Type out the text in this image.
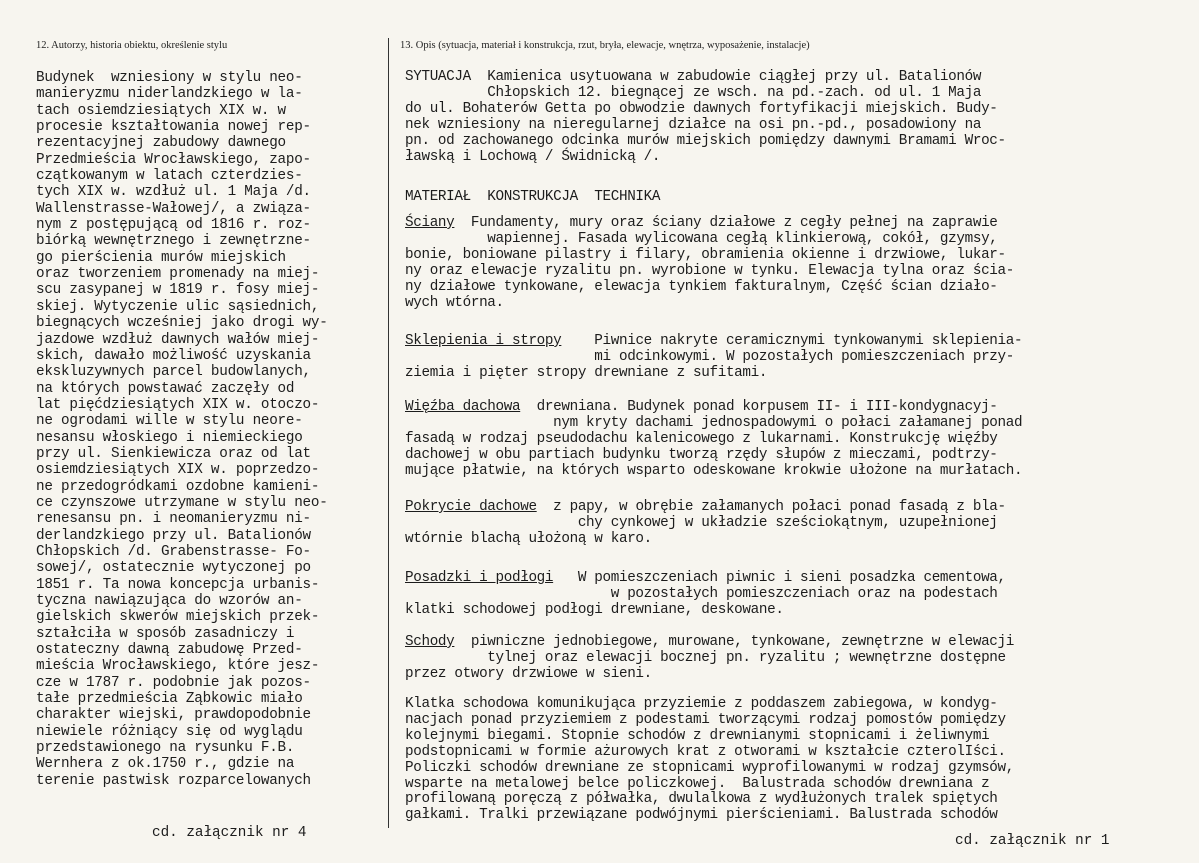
12. Autorzy, historia obiektu, określenie stylu	13. Opis (sytuacja, materiał i konstrukcja, rzut, bryła, elewacje, wnętrza, wyposażenie, instalacje)
Budynek  wzniesiony w stylu neo-
manieryzmu niderlandzkiego w la-
tach osiemdziesiątych XIX w. w
procesie kształtowania nowej rep-
rezentacyjnej zabudowy dawnego
Przedmieścia Wrocławskiego, zapo-
czątkowanym w latach czterdzies-
tych XIX w. wzdłuż ul. 1 Maja /d.
Wallenstrasse-Wałowej/, a związa-
nym z postępującą od 1816 r. roz-
biórką wewnętrznego i zewnętrzne-
go pierścienia murów miejskich
oraz tworzeniem promenady na miej-
scu zasypanej w 1819 r. fosy miej-
skiej. Wytyczenie ulic sąsiednich,
biegnących wcześniej jako drogi wy-
jazdowe wzdłuż dawnych wałów miej-
skich, dawało możliwość uzyskania
ekskluzywnych parcel budowlanych,
na których powstawać zaczęły od
lat pięćdziesiątych XIX w. otoczo-
ne ogrodami wille w stylu neore-
nesansu włoskiego i niemieckiego
przy ul. Sienkiewicza oraz od lat
osiemdziesiątych XIX w. poprzedzo-
ne przedogródkami ozdobne kamieni-
ce czynszowe utrzymane w stylu neo-
renesansu pn. i neomanieryzmu ni-
derlandzkiego przy ul. Batalionów
Chłopskich /d. Grabenstrasse- Fo-
sowej/, ostatecznie wytyczonej po
1851 r. Ta nowa koncepcja urbanis-
tyczna nawiązująca do wzorów an-
gielskich skwerów miejskich przek-
ształciła w sposób zasadniczy i
ostateczny dawną zabudowę Przed-
mieścia Wrocławskiego, które jesz-
cze w 1787 r. podobnie jak pozos-
tałe przedmieścia Ząbkowic miało
charakter wiejski, prawdopodobnie
niewiele różniący się od wyglądu
przedstawionego na rysunku F.B.
Wernhera z ok.1750 r., gdzie na
terenie pastwisk rozparcelowanych
cd. załącznik nr 4
SYTUACJA  Kamienica usytuowana w zabudowie ciągłej przy ul. Batalionów
Chłopskich 12. biegnącej ze wsch. na pd.-zach. od ul. 1 Maja
do ul. Bohaterów Getta po obwodzie dawnych fortyfikacji miejskich. Budy-
nek wzniesiony na nieregularnej działce na osi pn.-pd., posadowiony na
pn. od zachowanego odcinka murów miejskich pomiędzy dawnymi Bramami Wroc-
ławską i Lochową / Świdnicką /.
MATERIAŁ  KONSTRUKCJA  TECHNIKA
Ściany  Fundamenty, mury oraz ściany działowe z cegły pełnej na zaprawie
wapiennej. Fasada wylicowana cegłą klinkierową, cokół, gzymsy,
bonie, boniowane pilastry i filary, obramienia okienne i drzwiowe, lukar-
ny oraz elewacje ryzalitu pn. wyrobione w tynku. Elewacja tylna oraz ścia-
ny działowe tynkowane, elewacja tynkiem fakturalnym, Część ścian działo-
wych wtórna.
Sklepienia i stropy    Piwnice nakryte ceramicznymi tynkowanymi sklepienia-
mi odcinkowymi. W pozostałych pomieszczeniach przy-
ziemia i pięter stropy drewniane z sufitami.
Więźba dachowa  drewniana. Budynek ponad korpusem II- i III-kondygnacyj-
nym kryty dachami jednospadowymi o połaci załamanej ponad
fasadą w rodzaj pseudodachu kalenicowego z lukarnami. Konstrukcję więźby
dachowej w obu partiach budynku tworzą rzędy słupów z mieczami, podtrzy-
mujące płatwie, na których wsparto odeskowane krokwie ułożone na murłatach.
Pokrycie dachowe  z papy, w obrębie załamanych połaci ponad fasadą z bla-
chy cynkowej w układzie sześciokątnym, uzupełnionej
wtórnie blachą ułożoną w karo.
Posadzki i podłogi   W pomieszczeniach piwnic i sieni posadzka cementowa,
w pozostałych pomieszczeniach oraz na podestach
klatki schodowej podłogi drewniane, deskowane.
Schody  piwniczne jednobiegowe, murowane, tynkowane, zewnętrzne w elewacji
tylnej oraz elewacji bocznej pn. ryzalitu ; wewnętrzne dostępne
przez otwory drzwiowe w sieni.
Klatka schodowa komunikująca przyziemie z poddaszem zabiegowa, w kondyg-
nacjach ponad przyziemiem z podestami tworzącymi rodzaj pomostów pomiędzy
kolejnymi biegami. Stopnie schodów z drewnianymi stopnicami i żeliwnymi
podstopnicami w formie ażurowych krat z otworami w kształcie czterolIści.
Policzki schodów drewniane ze stopnicami wyprofilowanymi w rodzaj gzymsów,
wsparte na metalowej belce policzkowej.  Balustrada schodów drewniana z
profilowaną poręczą z półwałka, dwulalkowa z wydłużonych tralek spiętych
gałkami. Tralki przewiązane podwójnymi pierścieniami. Balustrada schodów
cd. załącznik nr 1
